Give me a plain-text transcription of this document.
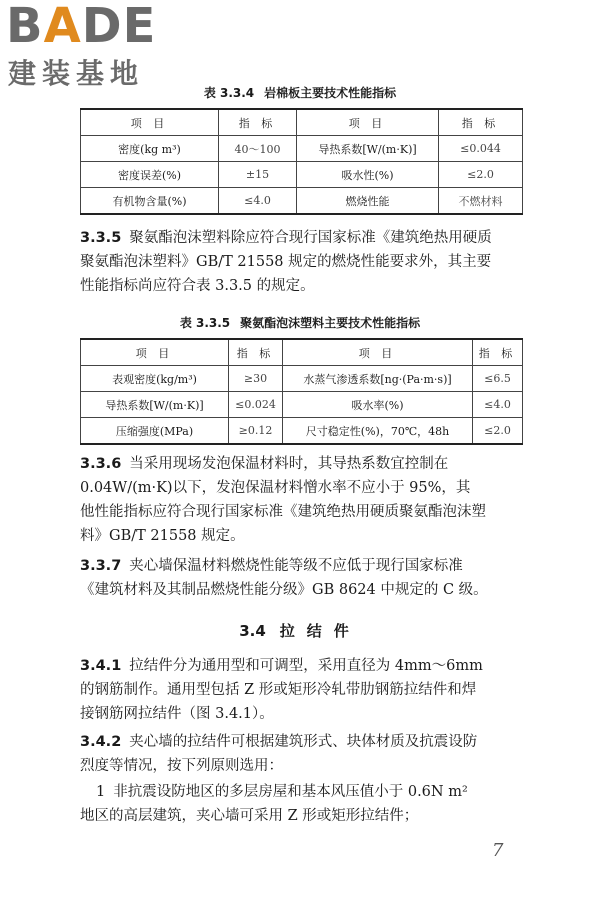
BADE
建装基地
表 3.3.4 岩棉板主要技术性能指标
项 目	指 标	项 目	指 标
密度(kg m³)	40～100	导热系数[W/(m·K)]	≤0.044
密度误差(%)	±15	吸水性(%)	≤2.0
有机物含量(%)	≤4.0	燃烧性能	不燃材料
3.3.5 聚氨酯泡沫塑料除应符合现行国家标准《建筑绝热用硬质
聚氨酯泡沫塑料》GB/T 21558 规定的燃烧性能要求外，其主要
性能指标尚应符合表 3.3.5 的规定。
表 3.3.5 聚氨酯泡沫塑料主要技术性能指标
项 目	指 标	项 目	指 标
表观密度(kg/m³)	≥30	水蒸气渗透系数[ng·(Pa·m·s)]	≤6.5
导热系数[W/(m·K)]	≤0.024	吸水率(%)	≤4.0
压缩强度(MPa)	≥0.12	尺寸稳定性(%)，70℃，48h	≤2.0
3.3.6 当采用现场发泡保温材料时，其导热系数宜控制在
0.04W/(m·K)以下，发泡保温材料憎水率不应小于 95%，其
他性能指标应符合现行国家标准《建筑绝热用硬质聚氨酯泡沫塑
料》GB/T 21558 规定。
3.3.7 夹心墙保温材料燃烧性能等级不应低于现行国家标准
《建筑材料及其制品燃烧性能分级》GB 8624 中规定的 C 级。
3.4 拉结件
3.4.1 拉结件分为通用型和可调型，采用直径为 4mm～6mm
的钢筋制作。通用型包括 Z 形或矩形冷轧带肋钢筋拉结件和焊
接钢筋网拉结件（图 3.4.1）。
3.4.2 夹心墙的拉结件可根据建筑形式、块体材质及抗震设防
烈度等情况，按下列原则选用：
1 非抗震设防地区的多层房屋和基本风压值小于 0.6N m²
地区的高层建筑，夹心墙可采用 Z 形或矩形拉结件；
7
